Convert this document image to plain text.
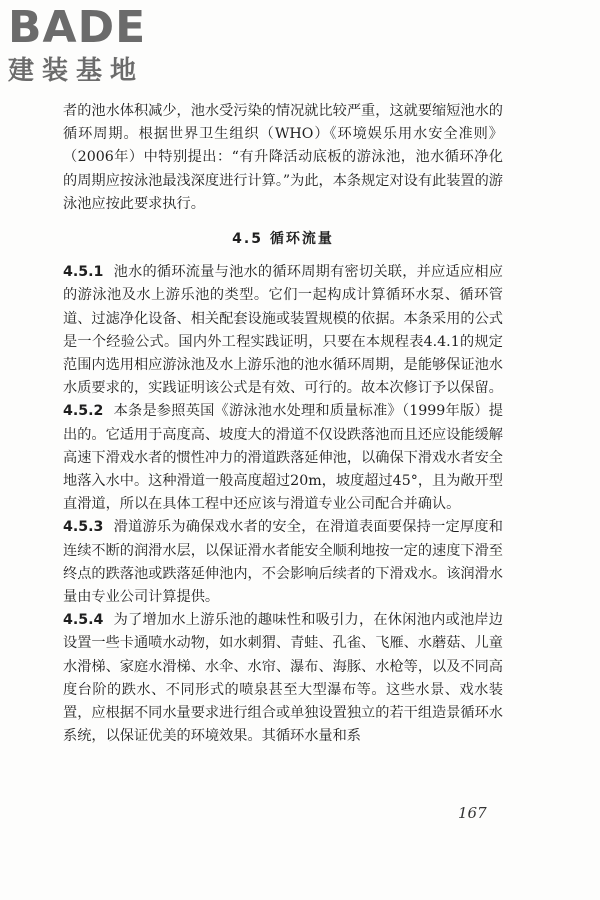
BADE
建装基地

者的池水体积减少，池水受污染的情况就比较严重，这就要缩短池水的循环周期。根据世界卫生组织（WHO）《环境娱乐用水安全准则》（2006年）中特别提出：“有升降活动底板的游泳池，池水循环净化的周期应按泳池最浅深度进行计算。”为此，本条规定对设有此装置的游泳池应按此要求执行。

4.5 循环流量

4.5.1 池水的循环流量与池水的循环周期有密切关联，并应适应相应的游泳池及水上游乐池的类型。它们一起构成计算循环水泵、循环管道、过滤净化设备、相关配套设施或装置规模的依据。本条采用的公式是一个经验公式。国内外工程实践证明，只要在本规程表4.4.1的规定范围内选用相应游泳池及水上游乐池的池水循环周期，是能够保证池水水质要求的，实践证明该公式是有效、可行的。故本次修订予以保留。

4.5.2 本条是参照英国《游泳池水处理和质量标准》（1999年版）提出的。它适用于高度高、坡度大的滑道不仅设跌落池而且还应设能缓解高速下滑戏水者的惯性冲力的滑道跌落延伸池，以确保下滑戏水者安全地落入水中。这种滑道一般高度超过20m，坡度超过45°，且为敞开型直滑道，所以在具体工程中还应该与滑道专业公司配合并确认。

4.5.3 滑道游乐为确保戏水者的安全，在滑道表面要保持一定厚度和连续不断的润滑水层，以保证滑水者能安全顺利地按一定的速度下滑至终点的跌落池或跌落延伸池内，不会影响后续者的下滑戏水。该润滑水量由专业公司计算提供。

4.5.4 为了增加水上游乐池的趣味性和吸引力，在休闲池内或池岸边设置一些卡通喷水动物，如水刺猬、青蛙、孔雀、飞雁、水蘑菇、儿童水滑梯、家庭水滑梯、水伞、水帘、瀑布、海豚、水枪等，以及不同高度台阶的跌水、不同形式的喷泉甚至大型瀑布等。这些水景、戏水装置，应根据不同水量要求进行组合或单独设置独立的若干组造景循环水系统，以保证优美的环境效果。其循环水量和系

167
